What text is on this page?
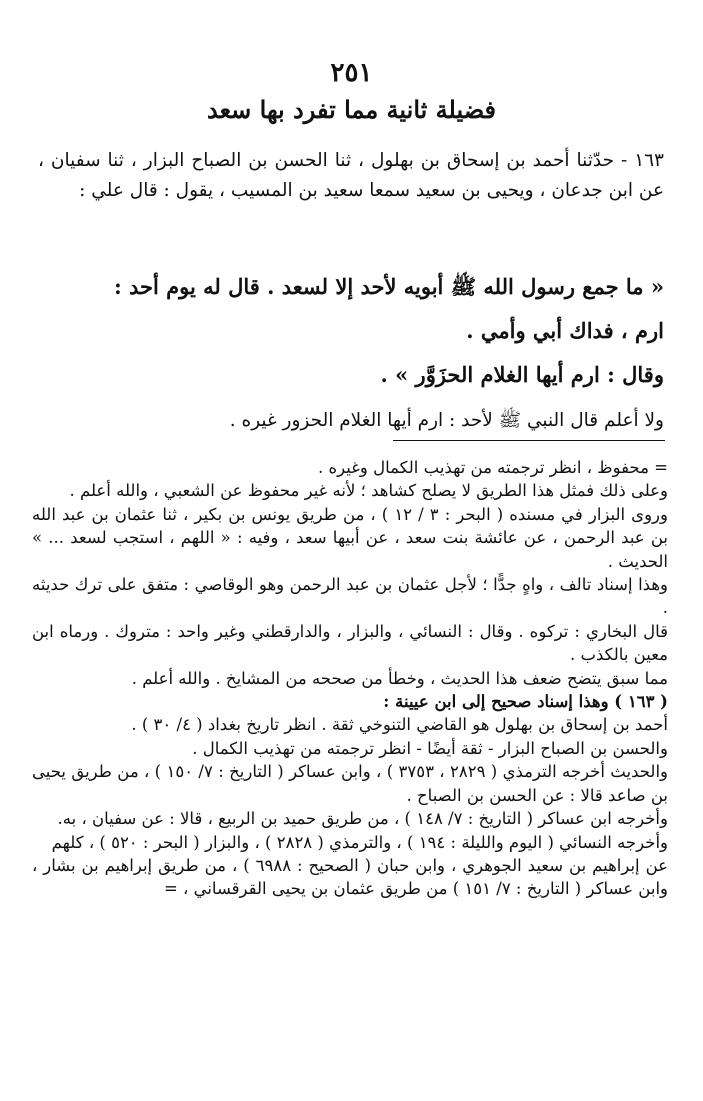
٢٥١
فضيلة ثانية مما تفرد بها سعد
١٦٣ - حدّثنا أحمد بن إسحاق بن بهلول ، ثنا الحسن بن الصباح البزار ، ثنا سفيان ، عن ابن جدعان ، ويحيى بن سعيد سمعا سعيد بن المسيب ، يقول : قال علي :
« ما جمع رسول الله ﷺ أبويه لأحد إلا لسعد . قال له يوم أحد :
ارم ، فداك أبي وأمي .
وقال : ارم أيها الغلام الحزَوَّر » .
ولا أعلم قال النبي ﷺ لأحد : ارم أيها الغلام الحزور غيره .

= محفوظ ، انظر ترجمته من تهذيب الكمال وغيره .

وعلى ذلك فمثل هذا الطريق لا يصلح كشاهد ؛ لأنه غير محفوظ عن الشعبي ، والله أعلم .

وروى البزار في مسنده ( البحر : ٣ / ١٢ ) ، من طريق يونس بن بكير ، ثنا عثمان بن عبد الله بن عبد الرحمن ، عن عائشة بنت سعد ، عن أبيها سعد ، وفيه : « اللهم ، استجب لسعد ... » الحديث .

وهذا إسناد تالف ، واهٍ جدًّا ؛ لأجل عثمان بن عبد الرحمن وهو الوقاصي : متفق على ترك حديثه .

قال البخاري : تركوه . وقال : النسائي ، والبزار ، والدارقطني وغير واحد : متروك . ورماه ابن معين بالكذب .

مما سبق يتضح ضعف هذا الحديث ، وخطأ من صححه من المشايخ . والله أعلم .

( ١٦٣ ) وهذا إسناد صحيح إلى ابن عيينة :

أحمد بن إسحاق بن بهلول هو القاضي التنوخي ثقة . انظر تاريخ بغداد ( ٤/ ٣٠ ) .

والحسن بن الصباح البزار - ثقة أيضًا - انظر ترجمته من تهذيب الكمال .

والحديث أخرجه الترمذي ( ٢٨٢٩ ، ٣٧٥٣ ) ، وابن عساكر ( التاريخ : ٧/ ١٥٠ ) ، من طريق يحيى بن صاعد قالا : عن الحسن بن الصباح .

وأخرجه ابن عساكر ( التاريخ : ٧/ ١٤٨ ) ، من طريق حميد بن الربيع ، قالا : عن سفيان ، به.

وأخرجه النسائي ( اليوم والليلة : ١٩٤ ) ، والترمذي ( ٢٨٢٨ ) ، والبزار ( البحر : ٥٢٠ ) ، كلهم

عن إبراهيم بن سعيد الجوهري ، وابن حبان ( الصحيح : ٦٩٨٨ ) ، من طريق إبراهيم بن بشار ، وابن عساكر ( التاريخ : ٧/ ١٥١ ) من طريق عثمان بن يحيى القرقساني ، =
